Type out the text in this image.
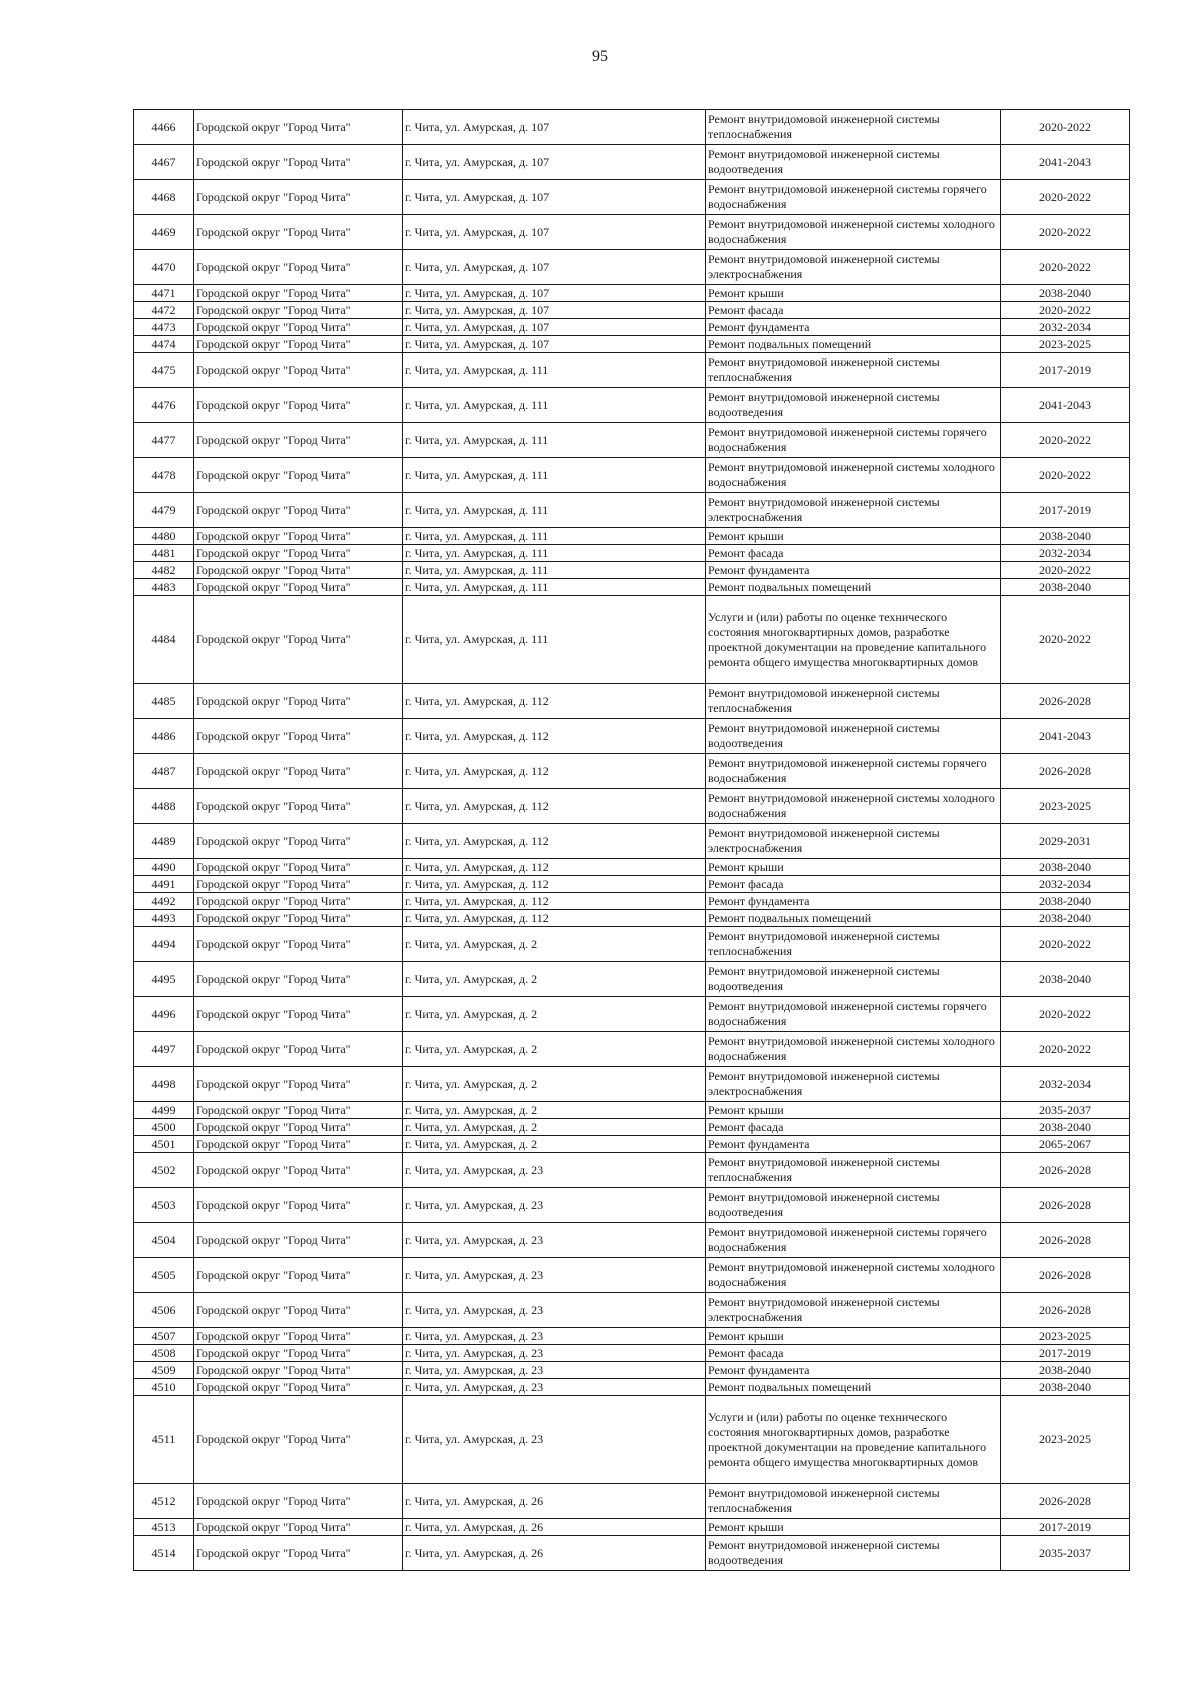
95
4466	Городской округ "Город Чита"	г. Чита, ул. Амурская, д. 107	Ремонт внутридомовой инженерной системы теплоснабжения	2020-2022
4467	Городской округ "Город Чита"	г. Чита, ул. Амурская, д. 107	Ремонт внутридомовой инженерной системы водоотведения	2041-2043
4468	Городской округ "Город Чита"	г. Чита, ул. Амурская, д. 107	Ремонт внутридомовой инженерной системы горячего водоснабжения	2020-2022
4469	Городской округ "Город Чита"	г. Чита, ул. Амурская, д. 107	Ремонт внутридомовой инженерной системы холодного водоснабжения	2020-2022
4470	Городской округ "Город Чита"	г. Чита, ул. Амурская, д. 107	Ремонт внутридомовой инженерной системы электроснабжения	2020-2022
4471	Городской округ "Город Чита"	г. Чита, ул. Амурская, д. 107	Ремонт крыши	2038-2040
4472	Городской округ "Город Чита"	г. Чита, ул. Амурская, д. 107	Ремонт фасада	2020-2022
4473	Городской округ "Город Чита"	г. Чита, ул. Амурская, д. 107	Ремонт фундамента	2032-2034
4474	Городской округ "Город Чита"	г. Чита, ул. Амурская, д. 107	Ремонт подвальных помещений	2023-2025
4475	Городской округ "Город Чита"	г. Чита, ул. Амурская, д. 111	Ремонт внутридомовой инженерной системы теплоснабжения	2017-2019
4476	Городской округ "Город Чита"	г. Чита, ул. Амурская, д. 111	Ремонт внутридомовой инженерной системы водоотведения	2041-2043
4477	Городской округ "Город Чита"	г. Чита, ул. Амурская, д. 111	Ремонт внутридомовой инженерной системы горячего водоснабжения	2020-2022
4478	Городской округ "Город Чита"	г. Чита, ул. Амурская, д. 111	Ремонт внутридомовой инженерной системы холодного водоснабжения	2020-2022
4479	Городской округ "Город Чита"	г. Чита, ул. Амурская, д. 111	Ремонт внутридомовой инженерной системы электроснабжения	2017-2019
4480	Городской округ "Город Чита"	г. Чита, ул. Амурская, д. 111	Ремонт крыши	2038-2040
4481	Городской округ "Город Чита"	г. Чита, ул. Амурская, д. 111	Ремонт фасада	2032-2034
4482	Городской округ "Город Чита"	г. Чита, ул. Амурская, д. 111	Ремонт фундамента	2020-2022
4483	Городской округ "Город Чита"	г. Чита, ул. Амурская, д. 111	Ремонт подвальных помещений	2038-2040
4484	Городской округ "Город Чита"	г. Чита, ул. Амурская, д. 111	Услуги и (или) работы по оценке технического состояния многоквартирных домов, разработке проектной документации на проведение капитального ремонта общего имущества многоквартирных домов	2020-2022
4485	Городской округ "Город Чита"	г. Чита, ул. Амурская, д. 112	Ремонт внутридомовой инженерной системы теплоснабжения	2026-2028
4486	Городской округ "Город Чита"	г. Чита, ул. Амурская, д. 112	Ремонт внутридомовой инженерной системы водоотведения	2041-2043
4487	Городской округ "Город Чита"	г. Чита, ул. Амурская, д. 112	Ремонт внутридомовой инженерной системы горячего водоснабжения	2026-2028
4488	Городской округ "Город Чита"	г. Чита, ул. Амурская, д. 112	Ремонт внутридомовой инженерной системы холодного водоснабжения	2023-2025
4489	Городской округ "Город Чита"	г. Чита, ул. Амурская, д. 112	Ремонт внутридомовой инженерной системы электроснабжения	2029-2031
4490	Городской округ "Город Чита"	г. Чита, ул. Амурская, д. 112	Ремонт крыши	2038-2040
4491	Городской округ "Город Чита"	г. Чита, ул. Амурская, д. 112	Ремонт фасада	2032-2034
4492	Городской округ "Город Чита"	г. Чита, ул. Амурская, д. 112	Ремонт фундамента	2038-2040
4493	Городской округ "Город Чита"	г. Чита, ул. Амурская, д. 112	Ремонт подвальных помещений	2038-2040
4494	Городской округ "Город Чита"	г. Чита, ул. Амурская, д. 2	Ремонт внутридомовой инженерной системы теплоснабжения	2020-2022
4495	Городской округ "Город Чита"	г. Чита, ул. Амурская, д. 2	Ремонт внутридомовой инженерной системы водоотведения	2038-2040
4496	Городской округ "Город Чита"	г. Чита, ул. Амурская, д. 2	Ремонт внутридомовой инженерной системы горячего водоснабжения	2020-2022
4497	Городской округ "Город Чита"	г. Чита, ул. Амурская, д. 2	Ремонт внутридомовой инженерной системы холодного водоснабжения	2020-2022
4498	Городской округ "Город Чита"	г. Чита, ул. Амурская, д. 2	Ремонт внутридомовой инженерной системы электроснабжения	2032-2034
4499	Городской округ "Город Чита"	г. Чита, ул. Амурская, д. 2	Ремонт крыши	2035-2037
4500	Городской округ "Город Чита"	г. Чита, ул. Амурская, д. 2	Ремонт фасада	2038-2040
4501	Городской округ "Город Чита"	г. Чита, ул. Амурская, д. 2	Ремонт фундамента	2065-2067
4502	Городской округ "Город Чита"	г. Чита, ул. Амурская, д. 23	Ремонт внутридомовой инженерной системы теплоснабжения	2026-2028
4503	Городской округ "Город Чита"	г. Чита, ул. Амурская, д. 23	Ремонт внутридомовой инженерной системы водоотведения	2026-2028
4504	Городской округ "Город Чита"	г. Чита, ул. Амурская, д. 23	Ремонт внутридомовой инженерной системы горячего водоснабжения	2026-2028
4505	Городской округ "Город Чита"	г. Чита, ул. Амурская, д. 23	Ремонт внутридомовой инженерной системы холодного водоснабжения	2026-2028
4506	Городской округ "Город Чита"	г. Чита, ул. Амурская, д. 23	Ремонт внутридомовой инженерной системы электроснабжения	2026-2028
4507	Городской округ "Город Чита"	г. Чита, ул. Амурская, д. 23	Ремонт крыши	2023-2025
4508	Городской округ "Город Чита"	г. Чита, ул. Амурская, д. 23	Ремонт фасада	2017-2019
4509	Городской округ "Город Чита"	г. Чита, ул. Амурская, д. 23	Ремонт фундамента	2038-2040
4510	Городской округ "Город Чита"	г. Чита, ул. Амурская, д. 23	Ремонт подвальных помещений	2038-2040
4511	Городской округ "Город Чита"	г. Чита, ул. Амурская, д. 23	Услуги и (или) работы по оценке технического состояния многоквартирных домов, разработке проектной документации на проведение капитального ремонта общего имущества многоквартирных домов	2023-2025
4512	Городской округ "Город Чита"	г. Чита, ул. Амурская, д. 26	Ремонт внутридомовой инженерной системы теплоснабжения	2026-2028
4513	Городской округ "Город Чита"	г. Чита, ул. Амурская, д. 26	Ремонт крыши	2017-2019
4514	Городской округ "Город Чита"	г. Чита, ул. Амурская, д. 26	Ремонт внутридомовой инженерной системы водоотведения	2035-2037
